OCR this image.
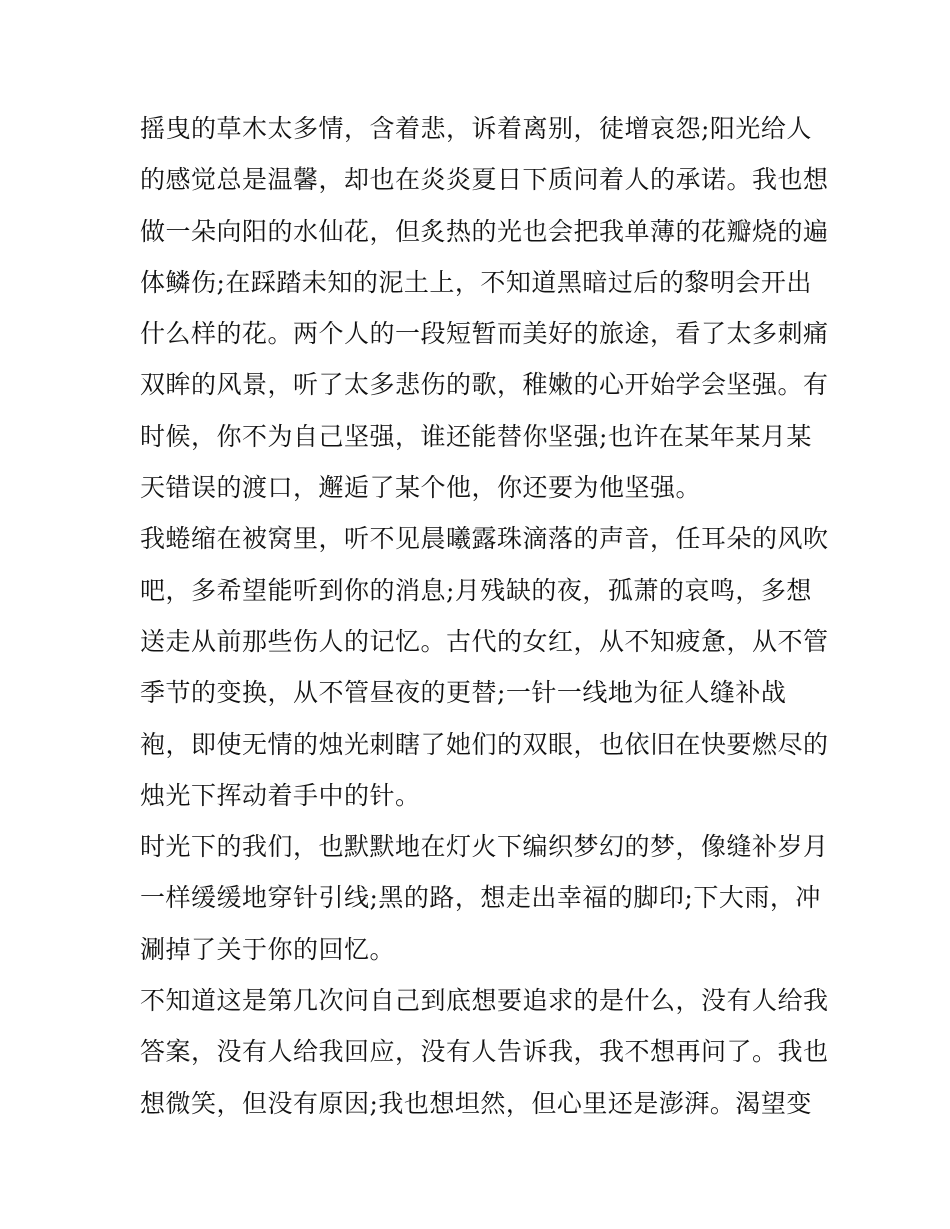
摇曳的草木太多情，含着悲，诉着离别，徒增哀怨;阳光给人
的感觉总是温馨，却也在炎炎夏日下质问着人的承诺。我也想
做一朵向阳的水仙花，但炙热的光也会把我单薄的花瓣烧的遍
体鳞伤;在踩踏未知的泥土上，不知道黑暗过后的黎明会开出
什么样的花。两个人的一段短暂而美好的旅途，看了太多刺痛
双眸的风景，听了太多悲伤的歌，稚嫩的心开始学会坚强。有
时候，你不为自己坚强，谁还能替你坚强;也许在某年某月某
天错误的渡口，邂逅了某个他，你还要为他坚强。
我蜷缩在被窝里，听不见晨曦露珠滴落的声音，任耳朵的风吹
吧，多希望能听到你的消息;月残缺的夜，孤萧的哀鸣，多想
送走从前那些伤人的记忆。古代的女红，从不知疲惫，从不管
季节的变换，从不管昼夜的更替;一针一线地为征人缝补战
袍，即使无情的烛光刺瞎了她们的双眼，也依旧在快要燃尽的
烛光下挥动着手中的针。
时光下的我们，也默默地在灯火下编织梦幻的梦，像缝补岁月
一样缓缓地穿针引线;黑的路，想走出幸福的脚印;下大雨，冲
涮掉了关于你的回忆。
不知道这是第几次问自己到底想要追求的是什么，没有人给我
答案，没有人给我回应，没有人告诉我，我不想再问了。我也
想微笑，但没有原因;我也想坦然，但心里还是澎湃。渴望变
